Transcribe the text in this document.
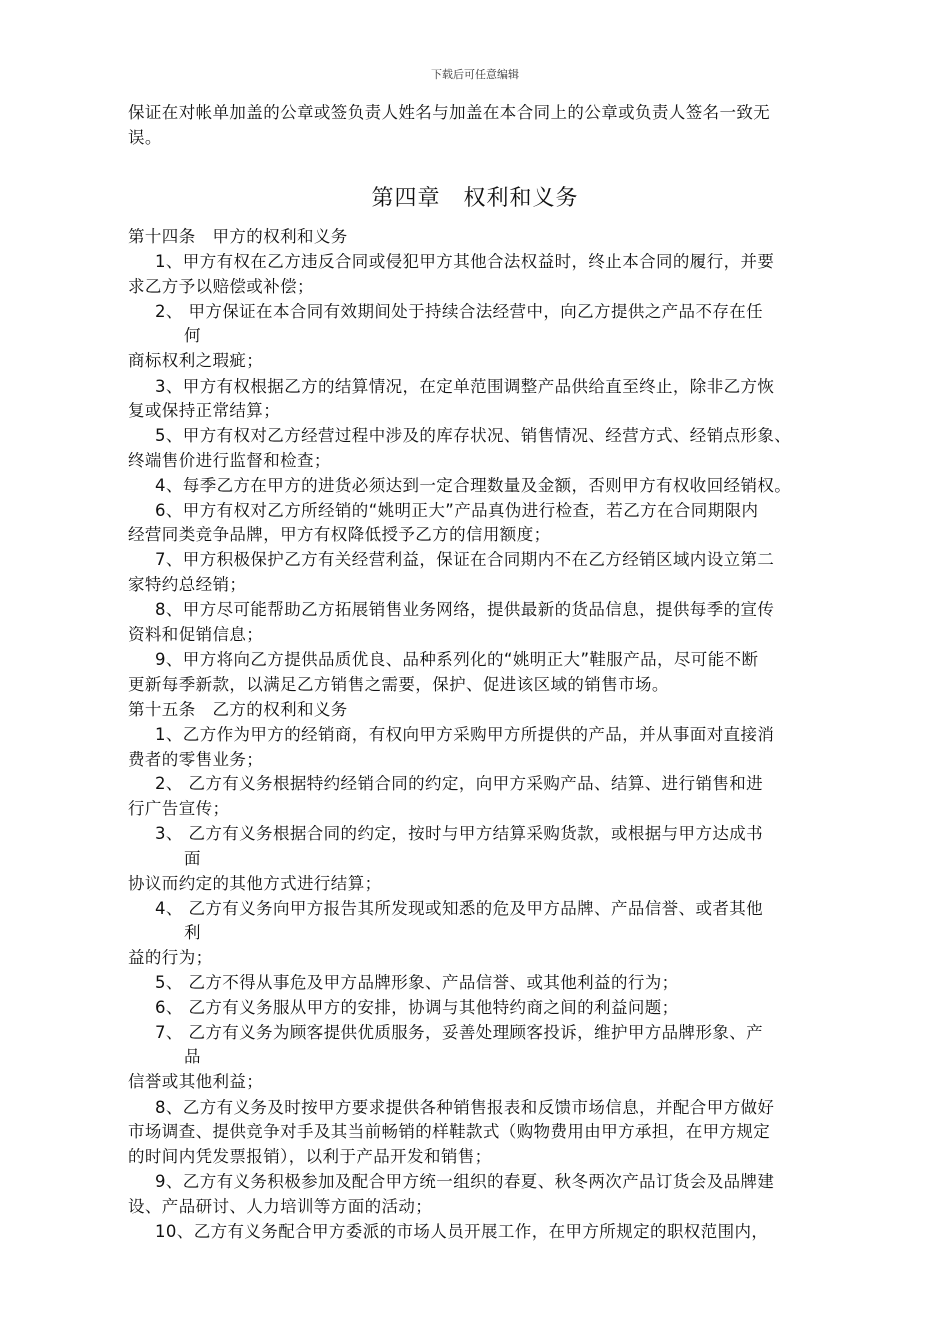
下载后可任意编辑
保证在对帐单加盖的公章或签负责人姓名与加盖在本合同上的公章或负责人签名一致无
误。
第四章　权利和义务
第十四条　甲方的权利和义务
1、甲方有权在乙方违反合同或侵犯甲方其他合法权益时，终止本合同的履行，并要
求乙方予以赔偿或补偿；
2、 甲方保证在本合同有效期间处于持续合法经营中，向乙方提供之产品不存在任
何
商标权利之瑕疵；
3、甲方有权根据乙方的结算情况，在定单范围调整产品供给直至终止，除非乙方恢
复或保持正常结算；
5、甲方有权对乙方经营过程中涉及的库存状况、销售情况、经营方式、经销点形象、
终端售价进行监督和检查；
4、每季乙方在甲方的进货必须达到一定合理数量及金额，否则甲方有权收回经销权。
6、甲方有权对乙方所经销的“姚明正大”产品真伪进行检查，若乙方在合同期限内
经营同类竞争品牌，甲方有权降低授予乙方的信用额度；
7、甲方积极保护乙方有关经营利益，保证在合同期内不在乙方经销区域内设立第二
家特约总经销；
8、甲方尽可能帮助乙方拓展销售业务网络，提供最新的货品信息，提供每季的宣传
资料和促销信息；
9、甲方将向乙方提供品质优良、品种系列化的“姚明正大”鞋服产品，尽可能不断
更新每季新款，以满足乙方销售之需要，保护、促进该区域的销售市场。
第十五条　乙方的权利和义务
1、乙方作为甲方的经销商，有权向甲方采购甲方所提供的产品，并从事面对直接消
费者的零售业务；
2、 乙方有义务根据特约经销合同的约定，向甲方采购产品、结算、进行销售和进
行广告宣传；
3、 乙方有义务根据合同的约定，按时与甲方结算采购货款，或根据与甲方达成书
面
协议而约定的其他方式进行结算；
4、 乙方有义务向甲方报告其所发现或知悉的危及甲方品牌、产品信誉、或者其他
利
益的行为；
5、 乙方不得从事危及甲方品牌形象、产品信誉、或其他利益的行为；
6、 乙方有义务服从甲方的安排，协调与其他特约商之间的利益问题；
7、 乙方有义务为顾客提供优质服务，妥善处理顾客投诉，维护甲方品牌形象、产
品
信誉或其他利益；
8、乙方有义务及时按甲方要求提供各种销售报表和反馈市场信息，并配合甲方做好
市场调查、提供竞争对手及其当前畅销的样鞋款式（购物费用由甲方承担，在甲方规定
的时间内凭发票报销），以利于产品开发和销售；
9、乙方有义务积极参加及配合甲方统一组织的春夏、秋冬两次产品订货会及品牌建
设、产品研讨、人力培训等方面的活动；
10、乙方有义务配合甲方委派的市场人员开展工作，在甲方所规定的职权范围内，
